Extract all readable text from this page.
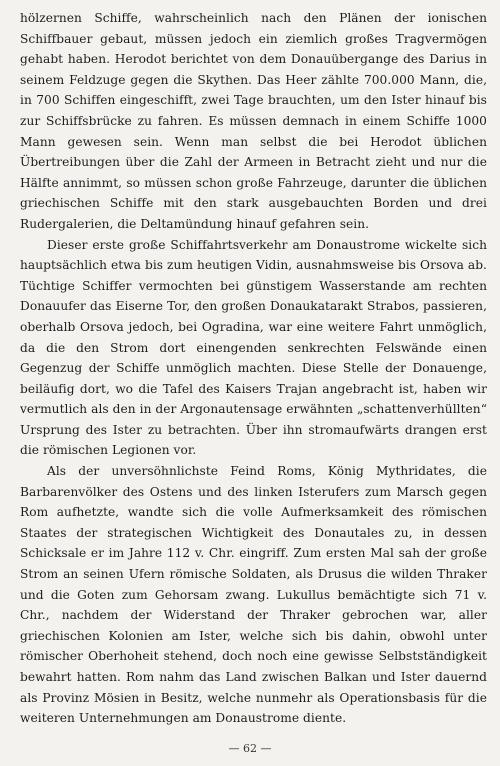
hölzernen Schiffe, wahrscheinlich nach den Plänen der ionischen Schiffbauer gebaut, müssen jedoch ein ziemlich großes Tragvermögen gehabt haben. Herodot berichtet von dem Donauübergange des Darius in seinem Feldzuge gegen die Skythen. Das Heer zählte 700.000 Mann, die, in 700 Schiffen eingeschifft, zwei Tage brauchten, um den Ister hinauf bis zur Schiffsbrücke zu fahren. Es müssen demnach in einem Schiffe 1000 Mann gewesen sein. Wenn man selbst die bei Herodot üblichen Übertreibungen über die Zahl der Armeen in Betracht zieht und nur die Hälfte annimmt, so müssen schon große Fahrzeuge, darunter die üblichen griechischen Schiffe mit den stark ausgebauchten Borden und drei Rudergalerien, die Deltamündung hinauf gefahren sein.

Dieser erste große Schiffahrtsverkehr am Donaustrome wickelte sich hauptsächlich etwa bis zum heutigen Vidin, ausnahmsweise bis Orsova ab. Tüchtige Schiffer vermochten bei günstigem Wasserstande am rechten Donauufer das Eiserne Tor, den großen Donaukatarakt Strabos, passieren, oberhalb Orsova jedoch, bei Ogradina, war eine weitere Fahrt unmöglich, da die den Strom dort einengenden senkrechten Felswände einen Gegenzug der Schiffe unmöglich machten. Diese Stelle der Donauenge, beiläufig dort, wo die Tafel des Kaisers Trajan angebracht ist, haben wir vermutlich als den in der Argonautensage erwähnten „schattenverhüllten“ Ursprung des Ister zu betrachten. Über ihn stromaufwärts drangen erst die römischen Legionen vor.

Als der unversöhnlichste Feind Roms, König Mythridates, die Barbarenvölker des Ostens und des linken Isterufers zum Marsch gegen Rom aufhetzte, wandte sich die volle Aufmerksamkeit des römischen Staates der strategischen Wichtigkeit des Donautales zu, in dessen Schicksale er im Jahre 112 v. Chr. eingriff. Zum ersten Mal sah der große Strom an seinen Ufern römische Soldaten, als Drusus die wilden Thraker und die Goten zum Gehorsam zwang. Lukullus bemächtigte sich 71 v. Chr., nachdem der Widerstand der Thraker gebrochen war, aller griechischen Kolonien am Ister, welche sich bis dahin, obwohl unter römischer Oberhoheit stehend, doch noch eine gewisse Selbstständigkeit bewahrt hatten. Rom nahm das Land zwischen Balkan und Ister dauernd als Provinz Mösien in Besitz, welche nunmehr als Operationsbasis für die weiteren Unternehmungen am Donaustrome diente.

— 62 —
